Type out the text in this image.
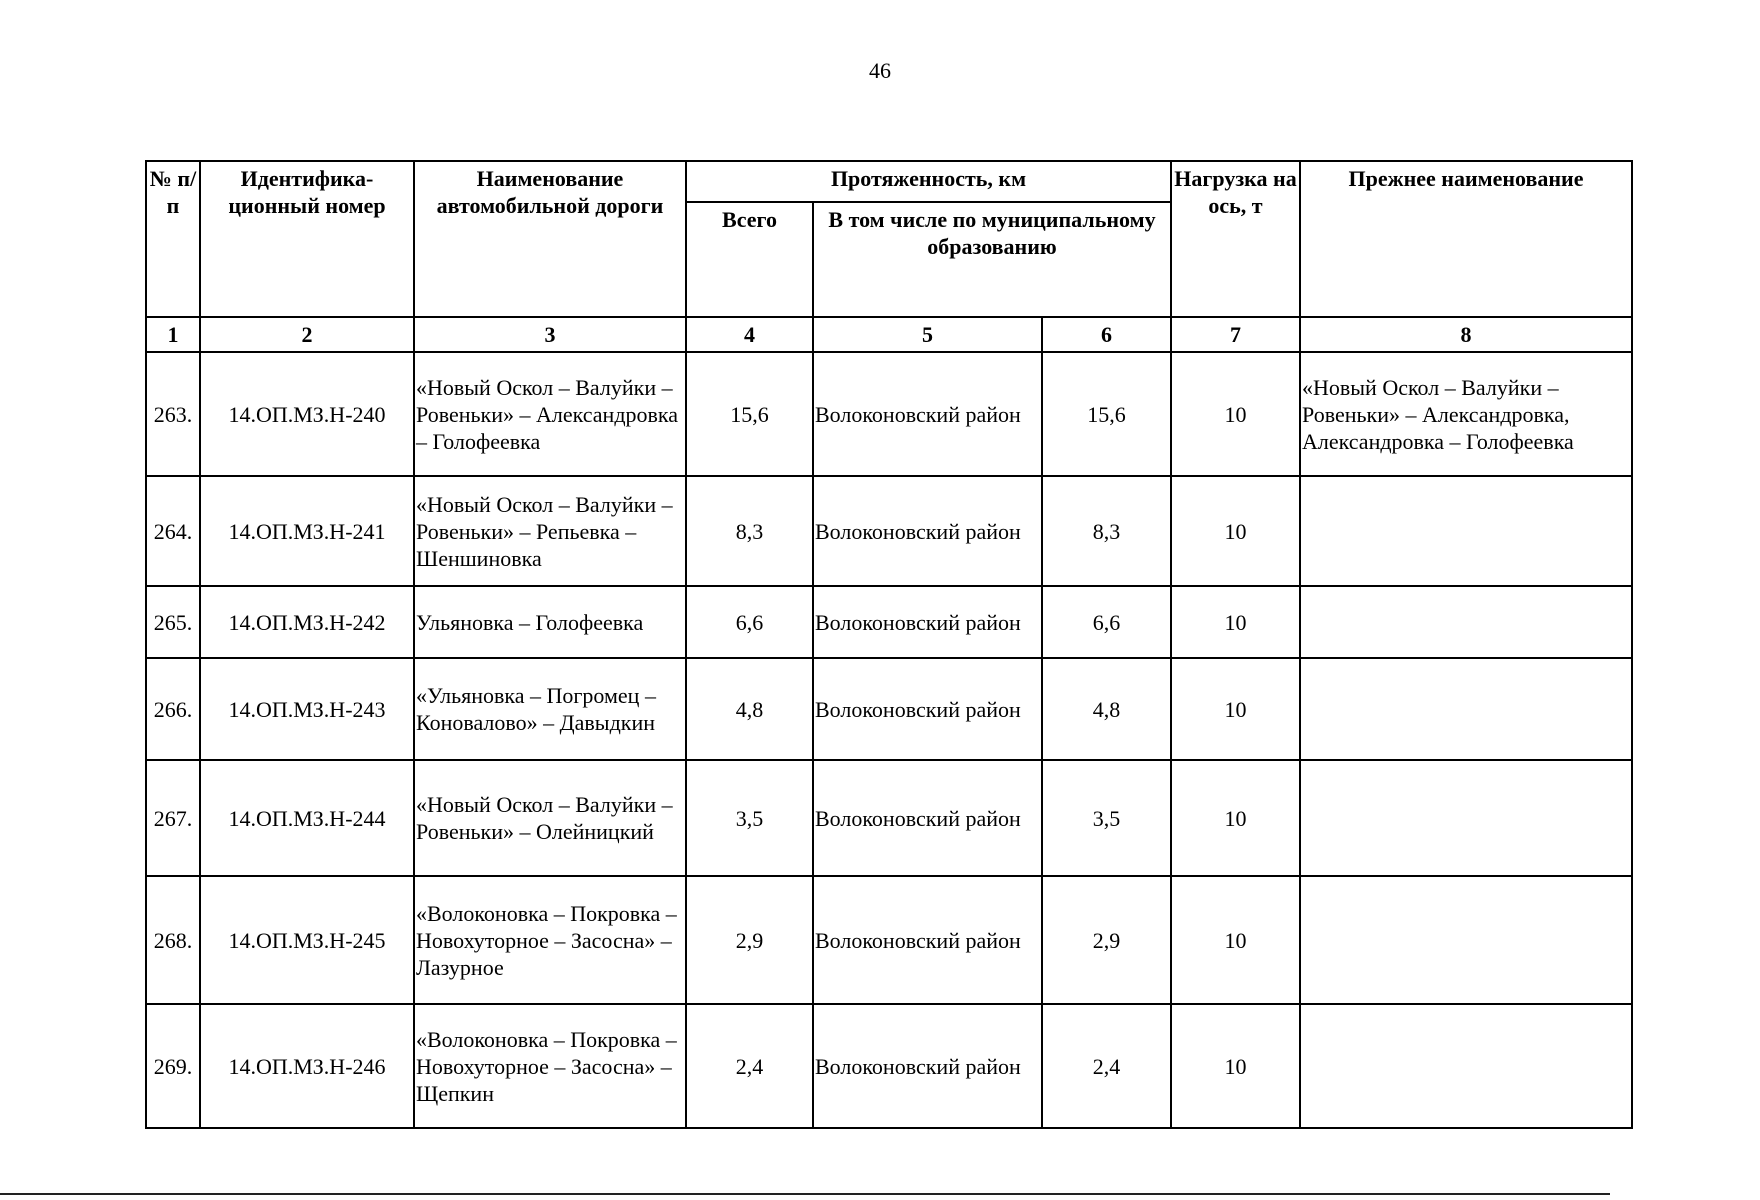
46
№ п/п	Идентифика-ционный номер	Наименование автомобильной дороги	Протяженность, км			Нагрузка на ось, т	Прежнее наименование
			Всего	В том числе по муниципальному образованию			
1	2	3	4	5	6	7	8
263.	14.ОП.МЗ.Н-240	«Новый Оскол – Валуйки – Ровеньки» – Александровка – Голофеевка	15,6	Волоконовский район	15,6	10	«Новый Оскол – Валуйки – Ровеньки» – Александровка, Александровка – Голофеевка
264.	14.ОП.МЗ.Н-241	«Новый Оскол – Валуйки – Ровеньки» – Репьевка – Шеншиновка	8,3	Волоконовский район	8,3	10	
265.	14.ОП.МЗ.Н-242	Ульяновка – Голофеевка	6,6	Волоконовский район	6,6	10	
266.	14.ОП.МЗ.Н-243	«Ульяновка – Погромец – Коновалово» – Давыдкин	4,8	Волоконовский район	4,8	10	
267.	14.ОП.МЗ.Н-244	«Новый Оскол – Валуйки – Ровеньки» – Олейницкий	3,5	Волоконовский район	3,5	10	
268.	14.ОП.МЗ.Н-245	«Волоконовка – Покровка – Новохуторное – Засосна» – Лазурное	2,9	Волоконовский район	2,9	10	
269.	14.ОП.МЗ.Н-246	«Волоконовка – Покровка – Новохуторное – Засосна» – Щепкин	2,4	Волоконовский район	2,4	10	
